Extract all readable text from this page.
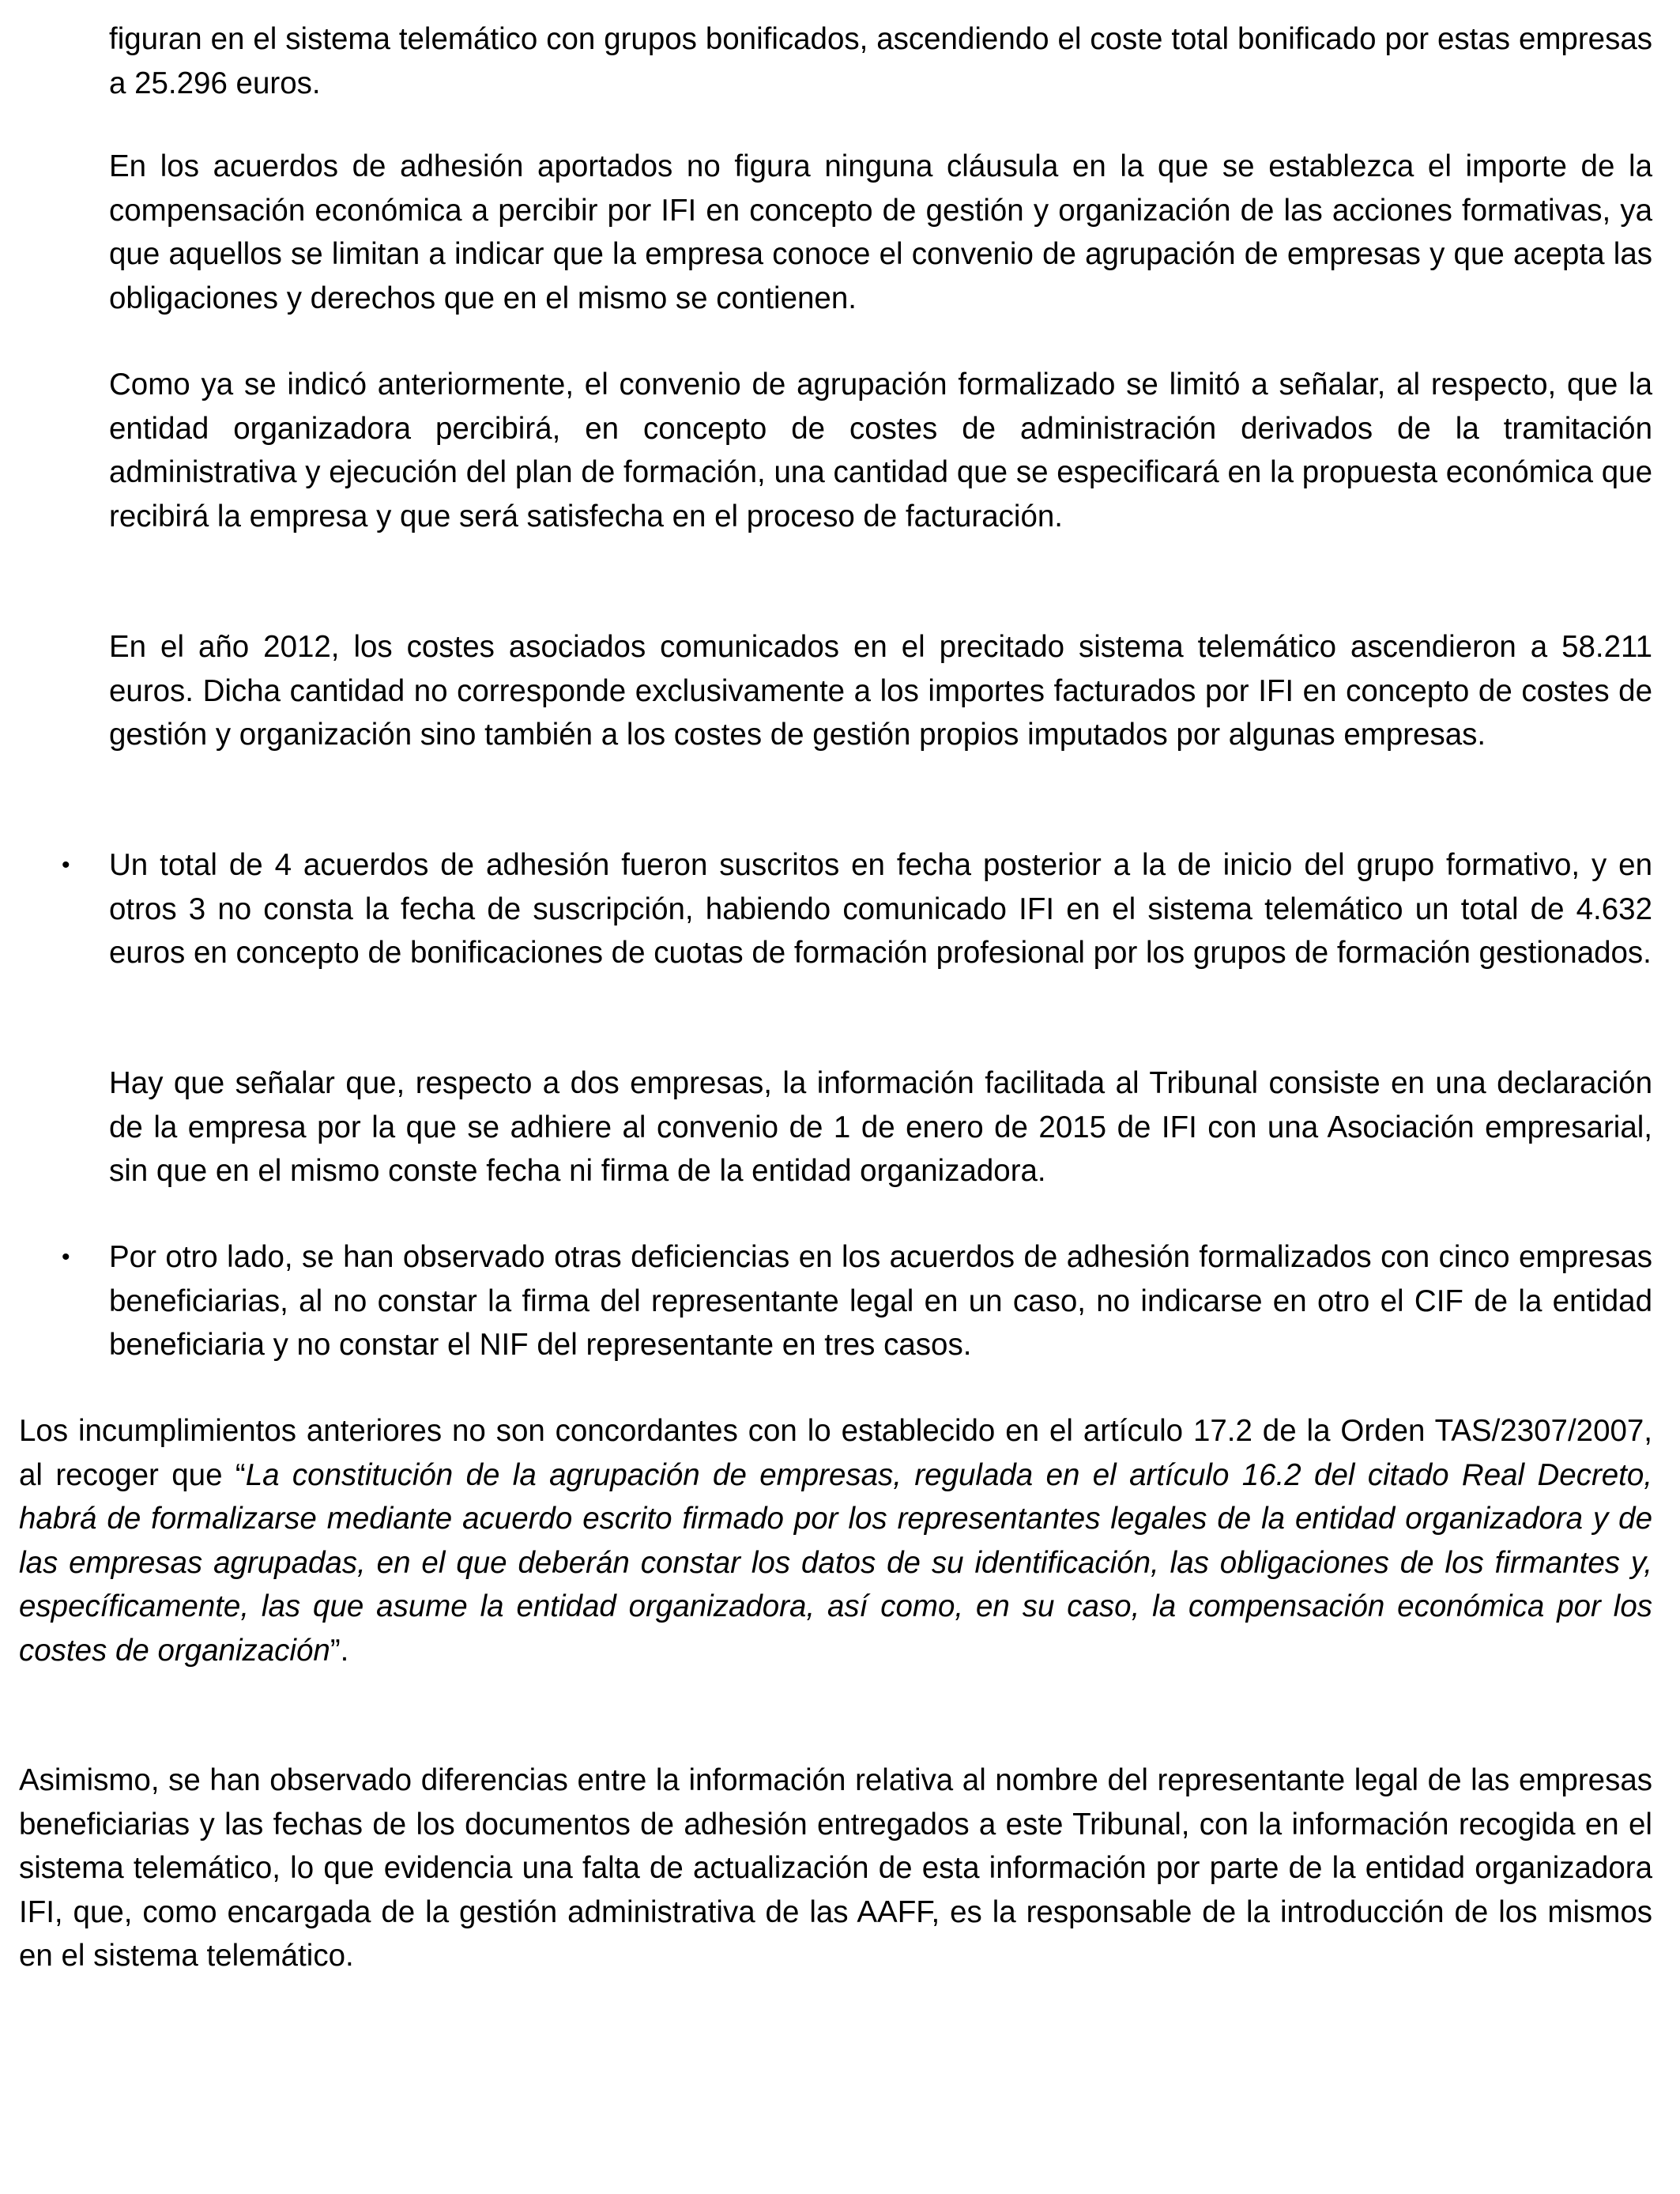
figuran en el sistema telemático con grupos bonificados, ascendiendo el coste total bonificado por estas empresas a 25.296 euros.

En los acuerdos de adhesión aportados no figura ninguna cláusula en la que se establezca el importe de la compensación económica a percibir por IFI en concepto de gestión y organización de las acciones formativas, ya que aquellos se limitan a indicar que la empresa conoce el convenio de agrupación de empresas y que acepta las obligaciones y derechos que en el mismo se contienen.

Como ya se indicó anteriormente, el convenio de agrupación formalizado se limitó a señalar, al respecto, que la entidad organizadora percibirá, en concepto de costes de administración derivados de la tramitación administrativa y ejecución del plan de formación, una cantidad que se especificará en la propuesta económica que recibirá la empresa y que será satisfecha en el proceso de facturación.

En el año 2012, los costes asociados comunicados en el precitado sistema telemático ascendieron a 58.211 euros. Dicha cantidad no corresponde exclusivamente a los importes facturados por IFI en concepto de costes de gestión y organización sino también a los costes de gestión propios imputados por algunas empresas.

• Un total de 4 acuerdos de adhesión fueron suscritos en fecha posterior a la de inicio del grupo formativo, y en otros 3 no consta la fecha de suscripción, habiendo comunicado IFI en el sistema telemático un total de 4.632 euros en concepto de bonificaciones de cuotas de formación profesional por los grupos de formación gestionados.

Hay que señalar que, respecto a dos empresas, la información facilitada al Tribunal consiste en una declaración de la empresa por la que se adhiere al convenio de 1 de enero de 2015 de IFI con una Asociación empresarial, sin que en el mismo conste fecha ni firma de la entidad organizadora.

• Por otro lado, se han observado otras deficiencias en los acuerdos de adhesión formalizados con cinco empresas beneficiarias, al no constar la firma del representante legal en un caso, no indicarse en otro el CIF de la entidad beneficiaria y no constar el NIF del representante en tres casos.

Los incumplimientos anteriores no son concordantes con lo establecido en el artículo 17.2 de la Orden TAS/2307/2007, al recoger que “La constitución de la agrupación de empresas, regulada en el artículo 16.2 del citado Real Decreto, habrá de formalizarse mediante acuerdo escrito firmado por los representantes legales de la entidad organizadora y de las empresas agrupadas, en el que deberán constar los datos de su identificación, las obligaciones de los firmantes y, específicamente, las que asume la entidad organizadora, así como, en su caso, la compensación económica por los costes de organización”.

Asimismo, se han observado diferencias entre la información relativa al nombre del representante legal de las empresas beneficiarias y las fechas de los documentos de adhesión entregados a este Tribunal, con la información recogida en el sistema telemático, lo que evidencia una falta de actualización de esta información por parte de la entidad organizadora IFI, que, como encargada de la gestión administrativa de las AAFF, es la responsable de la introducción de los mismos en el sistema telemático.
